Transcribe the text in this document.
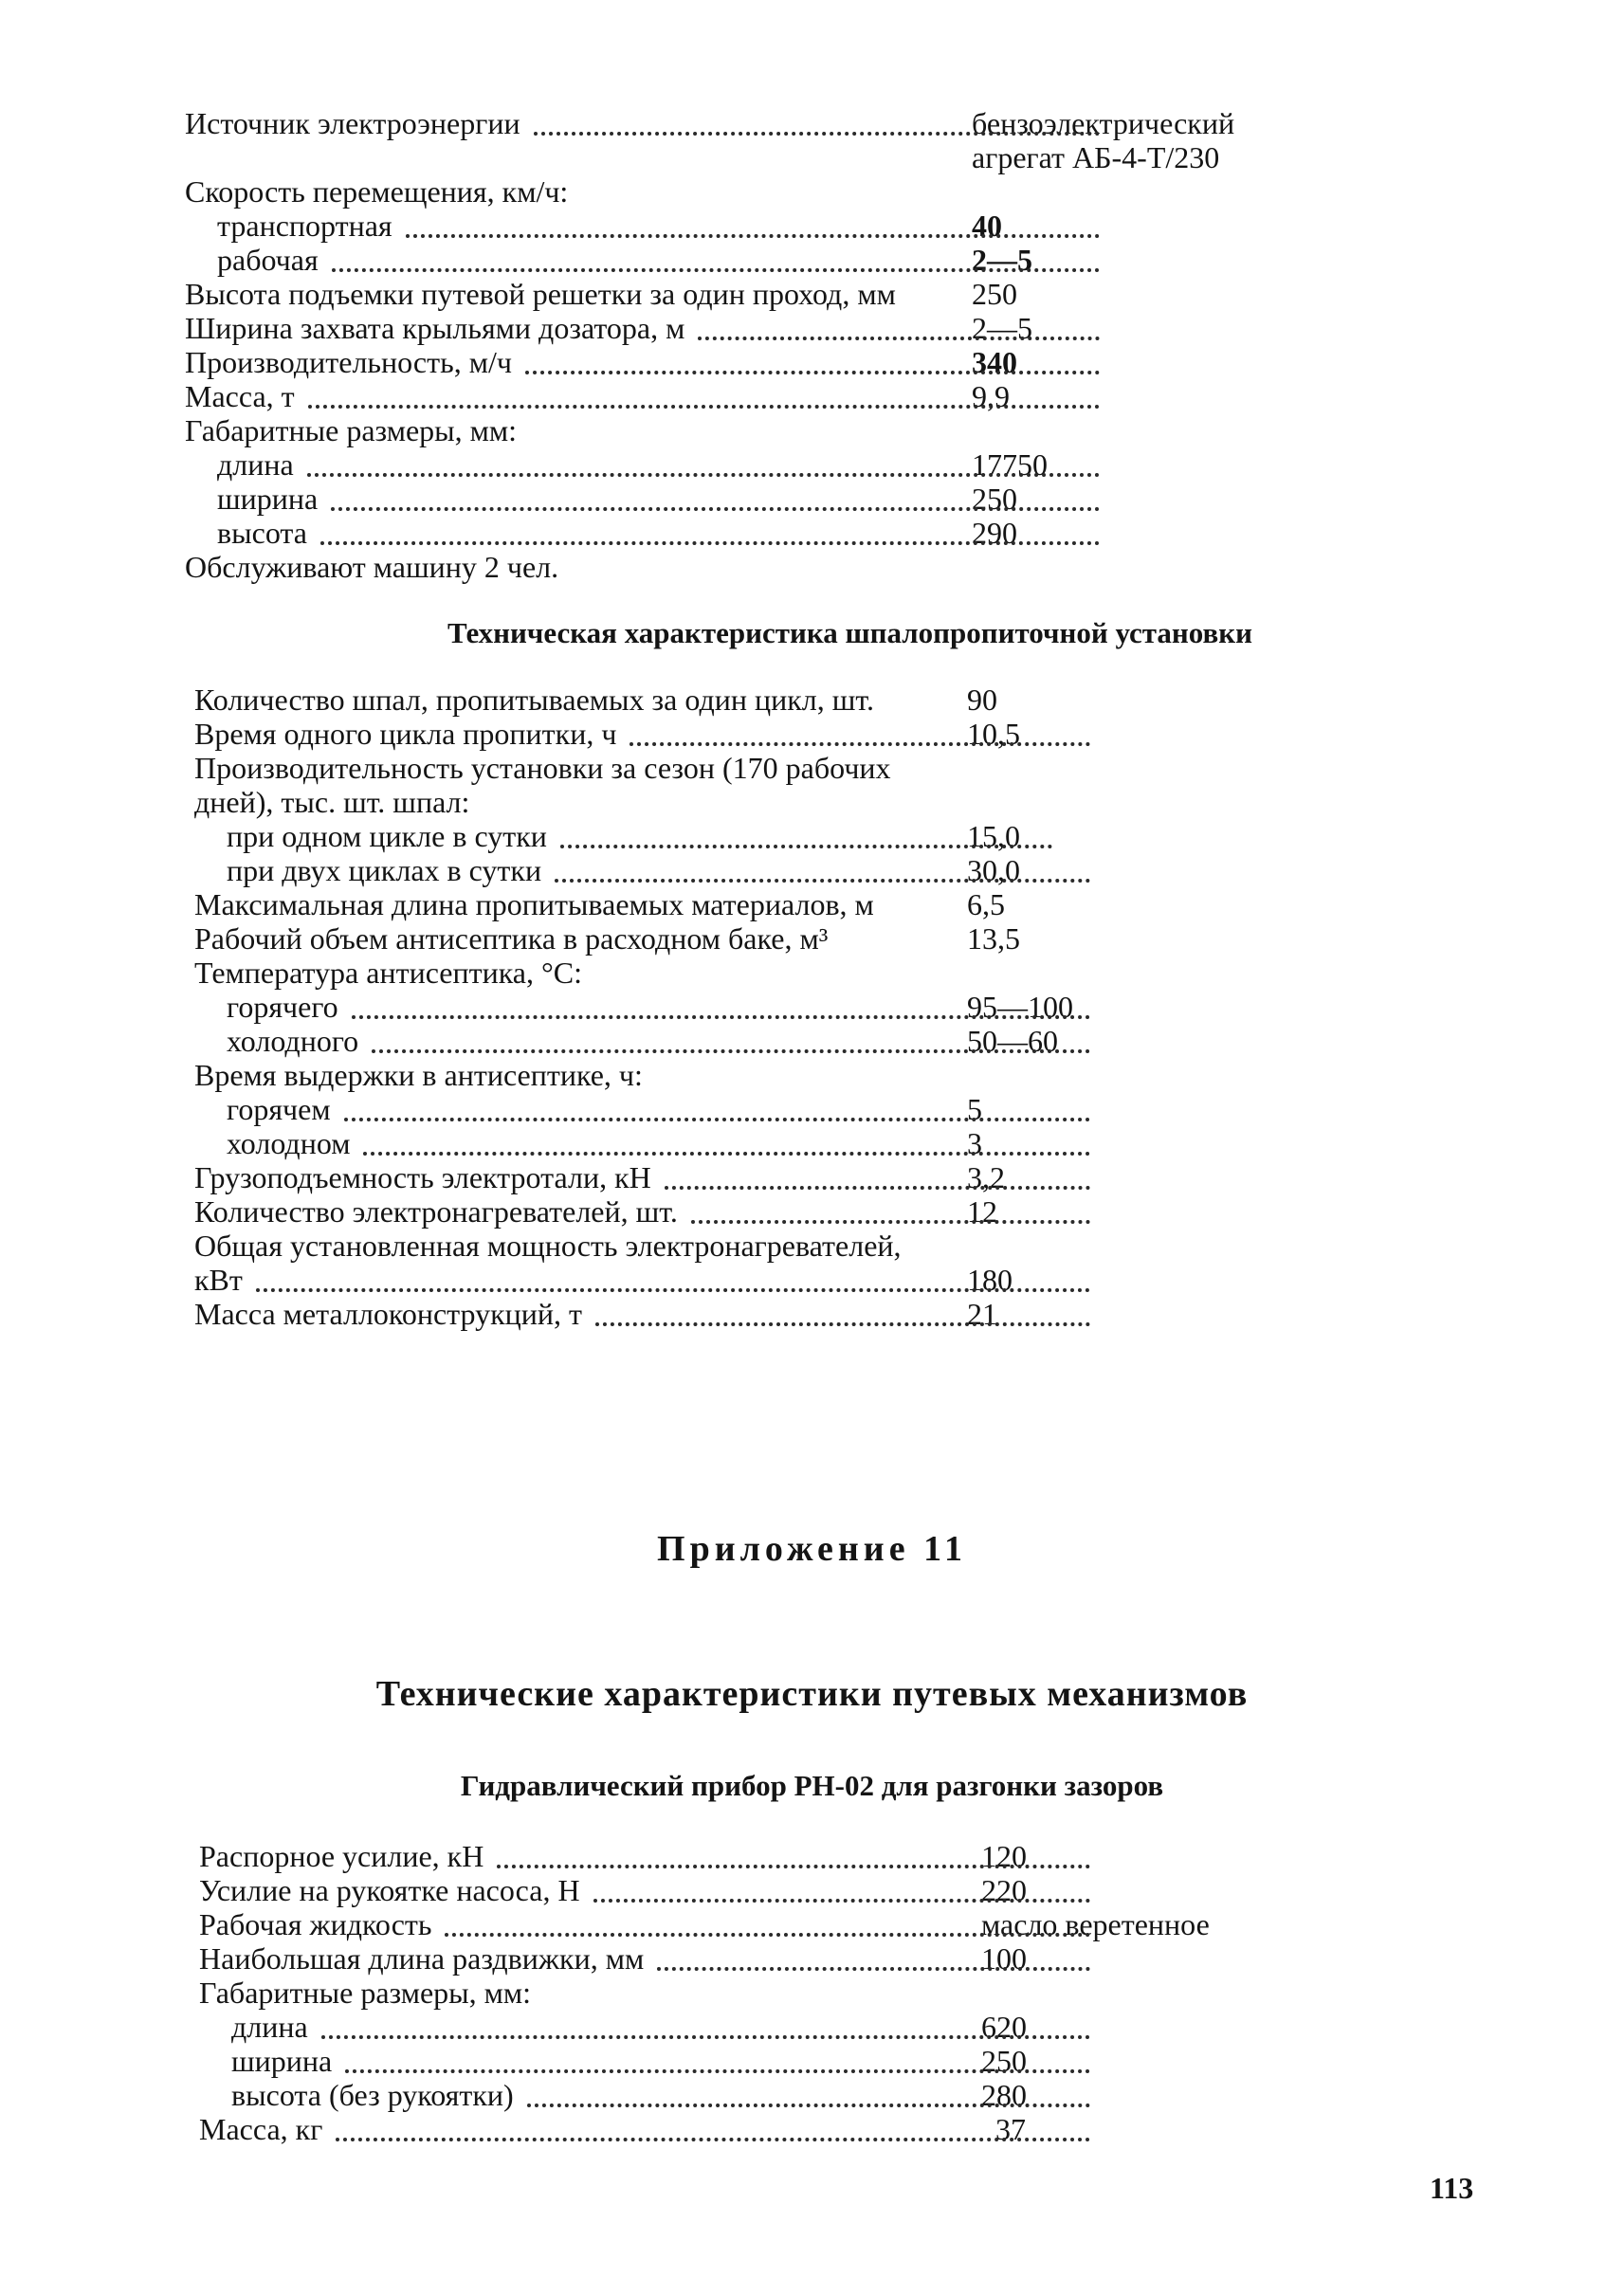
Источник электроэнергии	бензоэлектрический
агрегат АБ-4-Т/230
Скорость перемещения, км/ч:
транспортная	40
рабочая	2—5
Высота подъемки путевой решетки за один проход, мм	250
Ширина захвата крыльями дозатора, м	2—5
Производительность, м/ч	340
Масса, т	9,9
Габаритные размеры, мм:
длина	17750
ширина	250
высота	290
Обслуживают машину 2 чел.
Техническая характеристика шпалопропиточной установки
Количество шпал, пропитываемых за один цикл, шт.	90
Время одного цикла пропитки, ч	10,5
Производительность установки за сезон (170 рабочих
дней), тыс. шт. шпал:
при одном цикле в сутки	15,0
при двух циклах в сутки	30,0
Максимальная длина пропитываемых материалов, м	6,5
Рабочий объем антисептика в расходном баке, м³	13,5
Температура антисептика, °С:
горячего	95—100
холодного	50—60
Время выдержки в антисептике, ч:
горячем	5
холодном	3
Грузоподъемность электротали, кН	3,2
Количество электронагревателей, шт.	12
Общая установленная мощность электронагревателей,
кВт	180
Масса металлоконструкций, т	21
Приложение 11
Технические характеристики путевых механизмов
Гидравлический прибор РН-02 для разгонки зазоров
Распорное усилие, кН	120
Усилие на рукоятке насоса, Н	220
Рабочая жидкость	масло веретенное
Наибольшая длина раздвижки, мм	100
Габаритные размеры, мм:
длина	620
ширина	250
высота (без рукоятки)	280
Масса, кг	37
113
